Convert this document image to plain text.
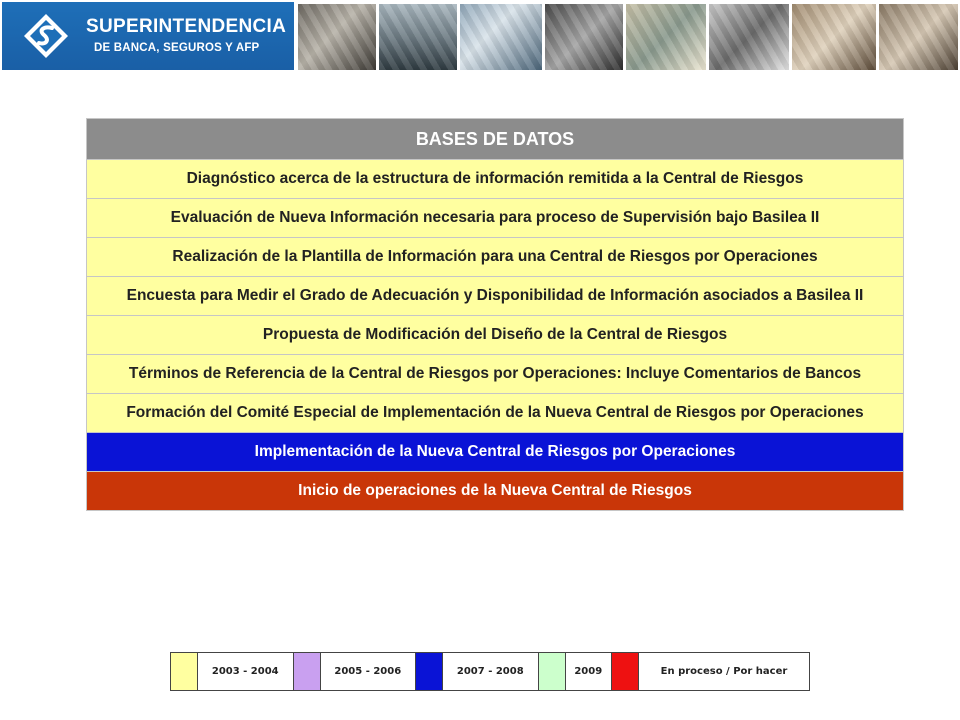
SUPERINTENDENCIA
DE BANCA, SEGUROS Y AFP
BASES DE DATOS
Diagnóstico acerca de la estructura de información remitida a la Central de Riesgos
Evaluación de Nueva Información necesaria para proceso de Supervisión bajo Basilea II
Realización de la Plantilla de Información para una Central de Riesgos por Operaciones
Encuesta para Medir el Grado de Adecuación y Disponibilidad de Información asociados a Basilea II
Propuesta de Modificación del Diseño de la Central de Riesgos
Términos de Referencia de la Central de Riesgos por Operaciones: Incluye Comentarios de Bancos
Formación del Comité Especial de Implementación de la Nueva Central de Riesgos por Operaciones
Implementación de la Nueva Central de Riesgos por Operaciones
Inicio de operaciones de la Nueva Central de Riesgos
	2003 - 2004		2005 - 2006		2007 - 2008		2009		En proceso / Por hacer
